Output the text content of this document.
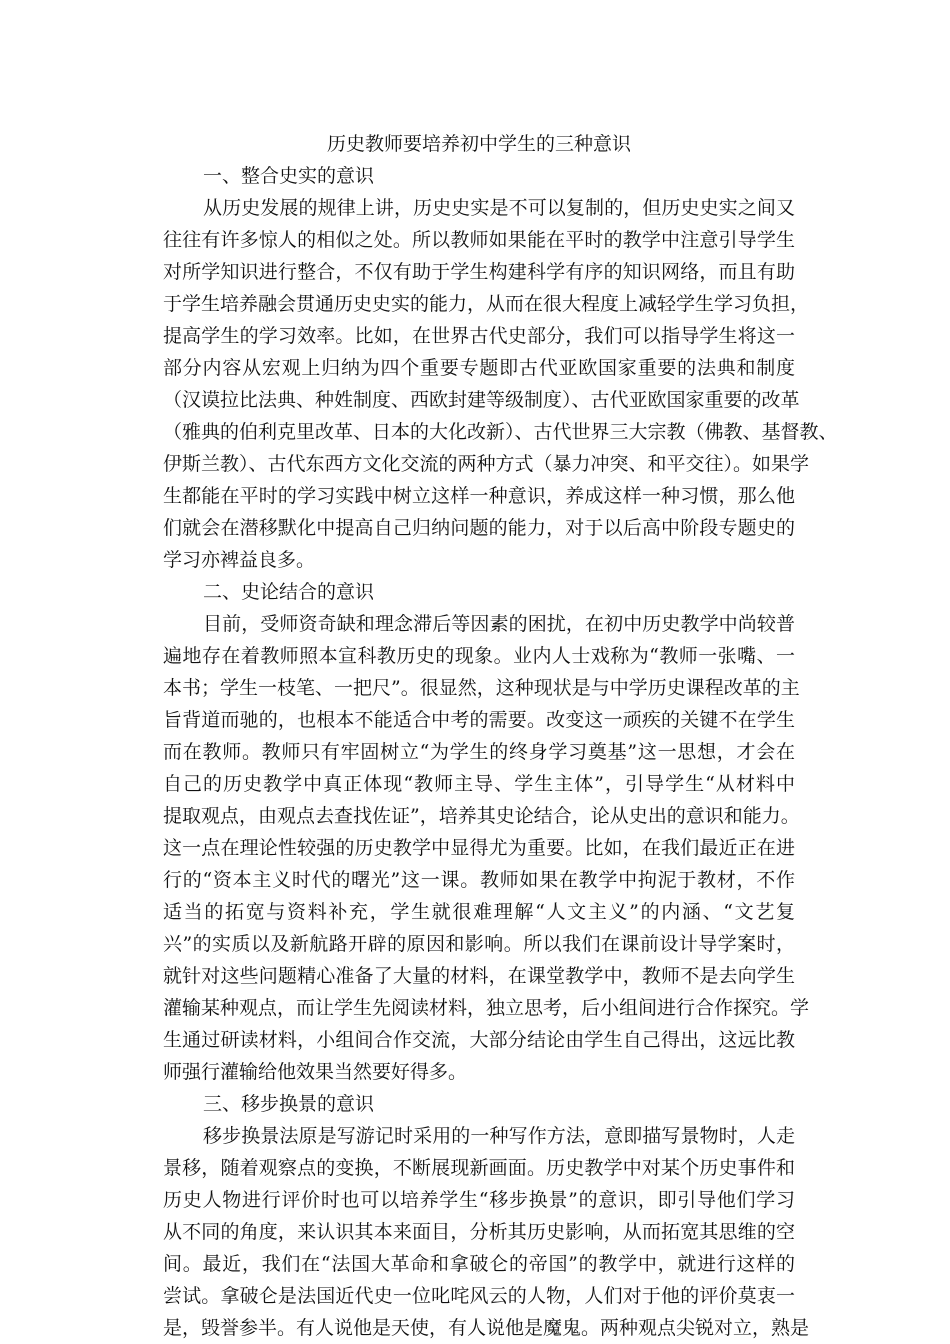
历史教师要培养初中学生的三种意识

一、整合史实的意识

从历史发展的规律上讲，历史史实是不可以复制的，但历史史实之间又
往往有许多惊人的相似之处。所以教师如果能在平时的教学中注意引导学生
对所学知识进行整合，不仅有助于学生构建科学有序的知识网络，而且有助
于学生培养融会贯通历史史实的能力，从而在很大程度上减轻学生学习负担，
提高学生的学习效率。比如，在世界古代史部分，我们可以指导学生将这一
部分内容从宏观上归纳为四个重要专题即古代亚欧国家重要的法典和制度
（汉谟拉比法典、种姓制度、西欧封建等级制度）、古代亚欧国家重要的改革
（雅典的伯利克里改革、日本的大化改新）、古代世界三大宗教（佛教、基督教、
伊斯兰教）、古代东西方文化交流的两种方式（暴力冲突、和平交往）。如果学
生都能在平时的学习实践中树立这样一种意识，养成这样一种习惯，那么他
们就会在潜移默化中提高自己归纳问题的能力，对于以后高中阶段专题史的
学习亦裨益良多。

二、史论结合的意识

目前，受师资奇缺和理念滞后等因素的困扰，在初中历史教学中尚较普
遍地存在着教师照本宣科教历史的现象。业内人士戏称为“教师一张嘴、一
本书；学生一枝笔、一把尺”。很显然，这种现状是与中学历史课程改革的主
旨背道而驰的，也根本不能适合中考的需要。改变这一顽疾的关键不在学生
而在教师。教师只有牢固树立“为学生的终身学习奠基”这一思想，才会在
自己的历史教学中真正体现“教师主导、学生主体”，引导学生“从材料中
提取观点，由观点去查找佐证”，培养其史论结合，论从史出的意识和能力。
这一点在理论性较强的历史教学中显得尤为重要。比如，在我们最近正在进
行的“资本主义时代的曙光”这一课。教师如果在教学中拘泥于教材，不作
适当的拓宽与资料补充，学生就很难理解“人文主义”的内涵、“文艺复
兴”的实质以及新航路开辟的原因和影响。所以我们在课前设计导学案时，
就针对这些问题精心准备了大量的材料，在课堂教学中，教师不是去向学生
灌输某种观点，而让学生先阅读材料，独立思考，后小组间进行合作探究。学
生通过研读材料，小组间合作交流，大部分结论由学生自己得出，这远比教
师强行灌输给他效果当然要好得多。

三、移步换景的意识

移步换景法原是写游记时采用的一种写作方法，意即描写景物时，人走
景移，随着观察点的变换，不断展现新画面。历史教学中对某个历史事件和
历史人物进行评价时也可以培养学生“移步换景”的意识，即引导他们学习
从不同的角度，来认识其本来面目，分析其历史影响，从而拓宽其思维的空
间。最近，我们在“法国大革命和拿破仑的帝国”的教学中，就进行这样的
尝试。拿破仑是法国近代史一位叱咤风云的人物，人们对于他的评价莫衷一
是，毁誉参半。有人说他是天使，有人说他是魔鬼。两种观点尖锐对立，熟是
